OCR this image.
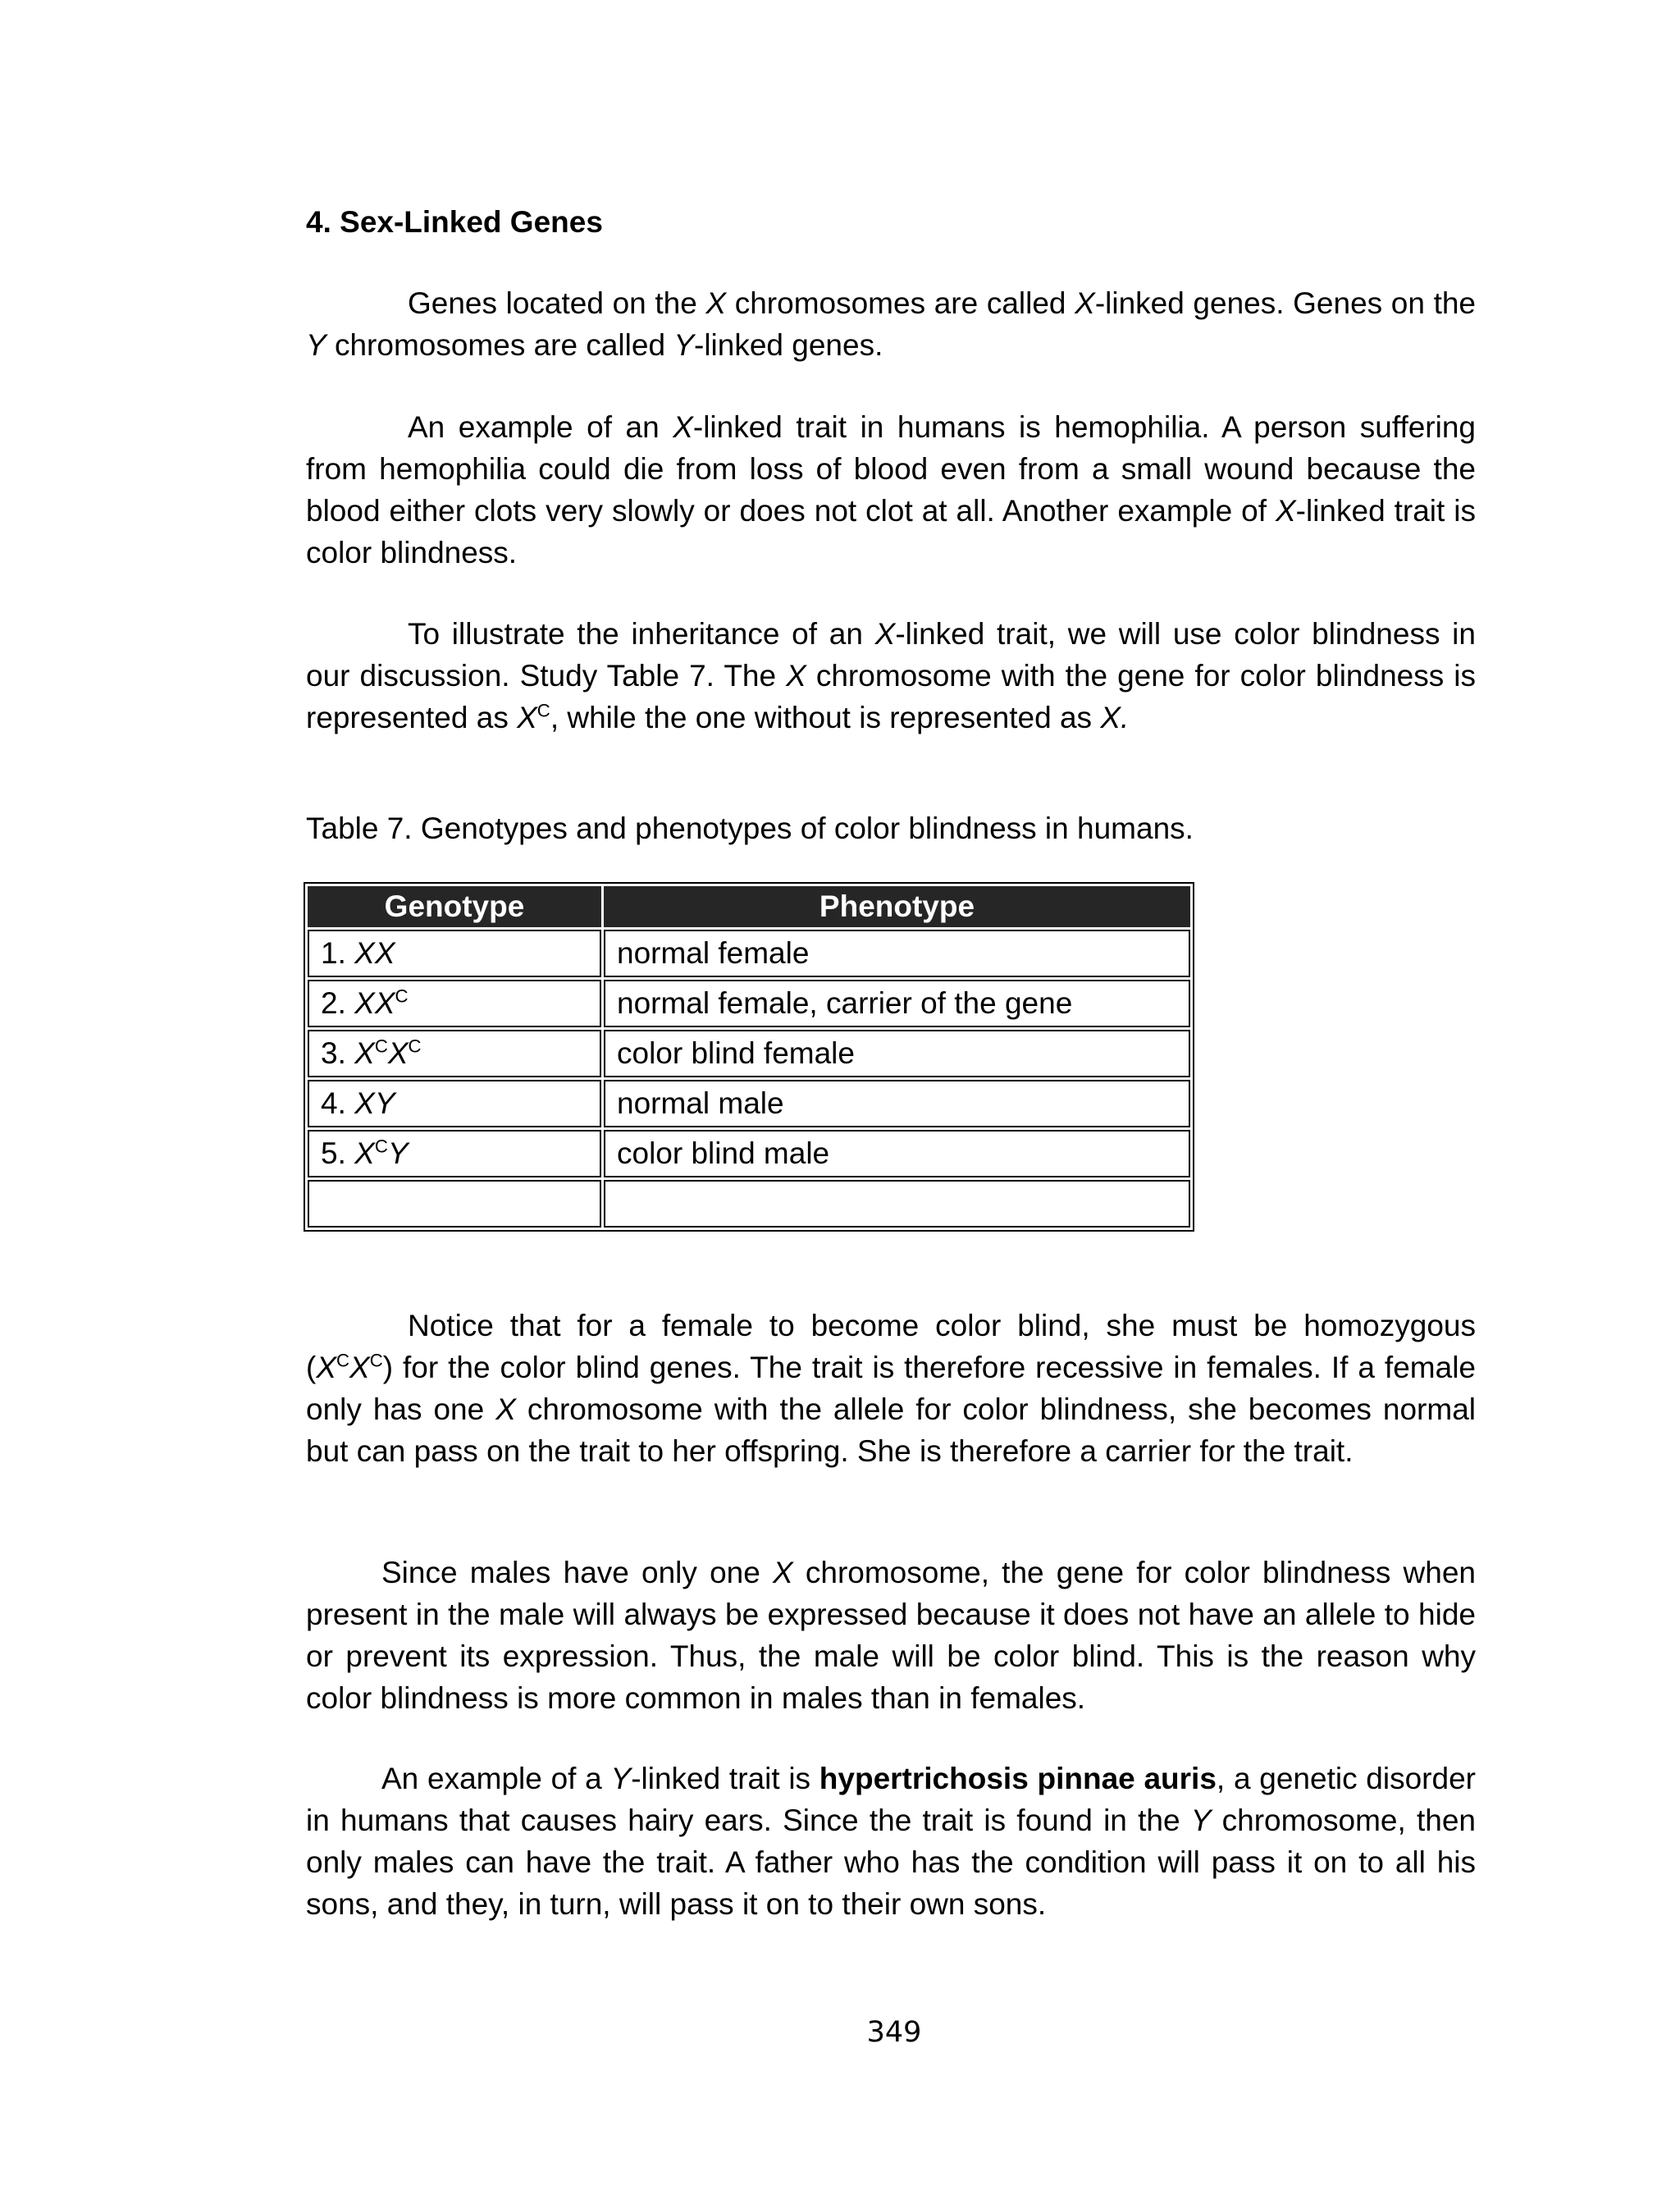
4. Sex-Linked Genes

Genes located on the X chromosomes are called X-linked genes. Genes on the Y chromosomes are called Y-linked genes.

An example of an X-linked trait in humans is hemophilia. A person suffering from hemophilia could die from loss of blood even from a small wound because the blood either clots very slowly or does not clot at all. Another example of X-linked trait is color blindness.

To illustrate the inheritance of an X-linked trait, we will use color blindness in our discussion. Study Table 7. The X chromosome with the gene for color blindness is represented as $X^C$, while the one without is represented as X.

Table 7. Genotypes and phenotypes of color blindness in humans.

Genotype	Phenotype
1. XX	normal female
2. $XX^C$	normal female, carrier of the gene
3. $X^CX^C$	color blind female
4. XY	normal male
5. $X^CY$	color blind male

Notice that for a female to become color blind, she must be homozygous $(X^CX^C)$ for the color blind genes. The trait is therefore recessive in females. If a female only has one X chromosome with the allele for color blindness, she becomes normal but can pass on the trait to her offspring. She is therefore a carrier for the trait.

Since males have only one X chromosome, the gene for color blindness when present in the male will always be expressed because it does not have an allele to hide or prevent its expression. Thus, the male will be color blind. This is the reason why color blindness is more common in males than in females.

An example of a Y-linked trait is hypertrichosis pinnae auris, a genetic disorder in humans that causes hairy ears. Since the trait is found in the Y chromosome, then only males can have the trait. A father who has the condition will pass it on to all his sons, and they, in turn, will pass it on to their own sons.

349
